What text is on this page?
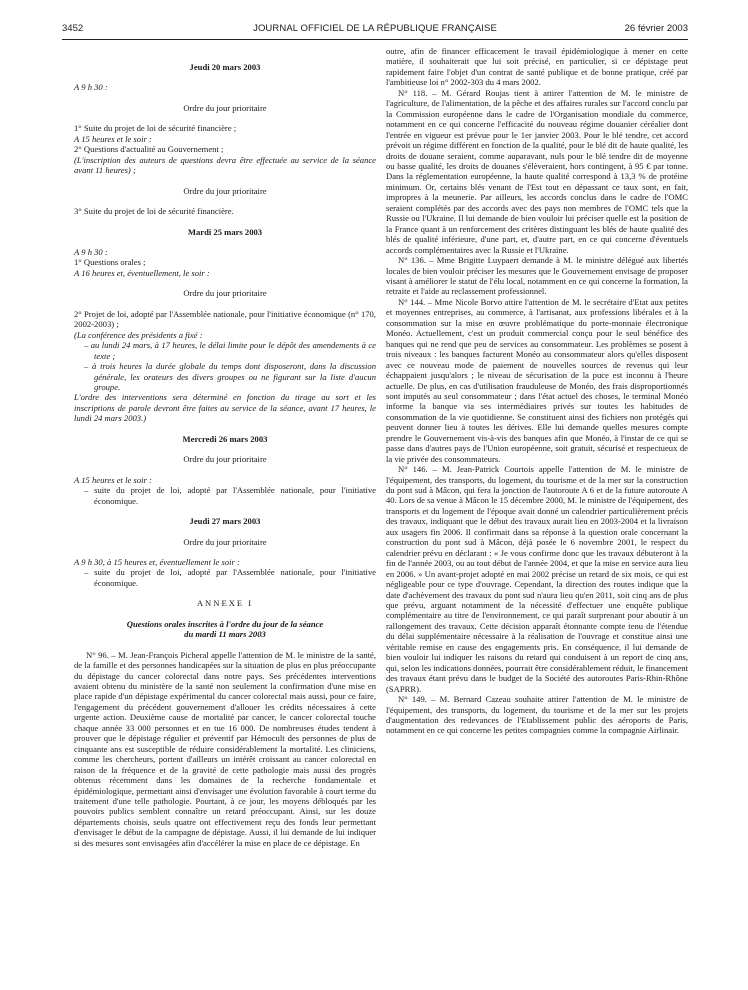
3452	JOURNAL OFFICIEL DE LA RÉPUBLIQUE FRANÇAISE	26 février 2003

Jeudi 20 mars 2003

A 9 h 30 :

Ordre du jour prioritaire

1° Suite du projet de loi de sécurité financière ;

A 15 heures et le soir :

2° Questions d'actualité au Gouvernement ;

(L'inscription des auteurs de questions devra être effectuée au service de la séance avant 11 heures) ;

Ordre du jour prioritaire

3° Suite du projet de loi de sécurité financière.

Mardi 25 mars 2003

A 9 h 30 :

1° Questions orales ;

A 16 heures et, éventuellement, le soir :

Ordre du jour prioritaire

2° Projet de loi, adopté par l'Assemblée nationale, pour l'initiative économique (n° 170, 2002-2003) ;

(La conférence des présidents a fixé :

– au lundi 24 mars, à 17 heures, le délai limite pour le dépôt des amendements à ce texte ;

– à trois heures la durée globale du temps dont disposeront, dans la discussion générale, les orateurs des divers groupes ou ne figurant sur la liste d'aucun groupe.

L'ordre des interventions sera déterminé en fonction du tirage au sort et les inscriptions de parole devront être faites au service de la séance, avant 17 heures, le lundi 24 mars 2003.)

Mercredi 26 mars 2003

Ordre du jour prioritaire

A 15 heures et le soir :

– suite du projet de loi, adopté par l'Assemblée nationale, pour l'initiative économique.

Jeudi 27 mars 2003

Ordre du jour prioritaire

A 9 h 30, à 15 heures et, éventuellement le soir :

– suite du projet de loi, adopté par l'Assemblée nationale, pour l'initiative économique.

ANNEXE I

Questions orales inscrites à l'ordre du jour de la séance du mardi 11 mars 2003

N° 96. – M. Jean-François Picheral appelle l'attention de M. le ministre de la santé, de la famille et des personnes handicapées sur la situation de plus en plus préoccupante du dépistage du cancer colorectal dans notre pays. Ses précédentes interventions avaient obtenu du ministère de la santé non seulement la confirmation d'une mise en place rapide d'un dépistage expérimental du cancer colorectal mais aussi, pour ce faire, l'engagement du précédent gouvernement d'allouer les crédits nécessaires à cette urgente action. Deuxième cause de mortalité par cancer, le cancer colorectal touche chaque année 33 000 personnes et en tue 16 000. De nombreuses études tendent à prouver que le dépistage régulier et préventif par Hémocult des personnes de plus de cinquante ans est susceptible de réduire considérablement la mortalité. Les cliniciens, comme les chercheurs, portent d'ailleurs un intérêt croissant au cancer colorectal en raison de la fréquence et de la gravité de cette pathologie mais aussi des progrès obtenus récemment dans les domaines de la recherche fondamentale et épidémiologique, permettant ainsi d'envisager une évolution favorable à court terme du traitement d'une telle pathologie. Pourtant, à ce jour, les moyens débloqués par les pouvoirs publics semblent connaître un retard préoccupant. Ainsi, sur les douze départements choisis, seuls quatre ont effectivement reçu des fonds leur permettant d'envisager le début de la campagne de dépistage. Aussi, il lui demande de lui indiquer si des mesures sont envisagées afin d'accélérer la mise en place de ce dépistage. En

outre, afin de financer efficacement le travail épidémiologique à mener en cette matière, il souhaiterait que lui soit précisé, en particulier, si ce dépistage peut rapidement faire l'objet d'un contrat de santé publique et de bonne pratique, créé par l'ambitieuse loi n° 2002-303 du 4 mars 2002.

N° 118. – M. Gérard Roujas tient à attirer l'attention de M. le ministre de l'agriculture, de l'alimentation, de la pêche et des affaires rurales sur l'accord conclu par la Commission européenne dans le cadre de l'Organisation mondiale du commerce, notamment en ce qui concerne l'efficacité du nouveau régime douanier céréalier dont l'entrée en vigueur est prévue pour le 1er janvier 2003. Pour le blé tendre, cet accord prévoit un régime différent en fonction de la qualité, pour le blé dit de haute qualité, les droits de douane seraient, comme auparavant, nuls pour le blé tendre dit de moyenne ou basse qualité, les droits de douanes s'élèveraient, hors contingent, à 95 € par tonne. Dans la réglementation européenne, la haute qualité correspond à 13,3 % de protéine minimum. Or, certains blés venant de l'Est tout en dépassant ce taux sont, en fait, impropres à la meunerie. Par ailleurs, les accords conclus dans le cadre de l'OMC seraient complétés par des accords avec des pays non membres de l'OMC tels que la Russie ou l'Ukraine. Il lui demande de bien vouloir lui préciser quelle est la position de la France quant à un renforcement des critères distinguant les blés de haute qualité des blés de qualité inférieure, d'une part, et, d'autre part, en ce qui concerne d'éventuels accords complémentaires avec la Russie et l'Ukraine.

N° 136. – Mme Brigitte Luypaert demande à M. le ministre délégué aux libertés locales de bien vouloir préciser les mesures que le Gouvernement envisage de proposer visant à améliorer le statut de l'élu local, notamment en ce qui concerne la formation, la retraite et l'aide au reclassement professionnel.

N° 144. – Mme Nicole Borvo attire l'attention de M. le secrétaire d'Etat aux petites et moyennes entreprises, au commerce, à l'artisanat, aux professions libérales et à la consommation sur la mise en œuvre problématique du porte-monnaie électronique Monéo. Actuellement, c'est un produit commercial conçu pour le seul bénéfice des banques qui ne rend que peu de services au consommateur. Les problèmes se posent à trois niveaux : les banques facturent Monéo au consommateur alors qu'elles disposent avec ce nouveau mode de paiement de nouvelles sources de revenus qui leur échappaient jusqu'alors ; le niveau de sécurisation de la puce est inconnu à l'heure actuelle. De plus, en cas d'utilisation frauduleuse de Monéo, des frais disproportionnés sont imputés au seul consommateur ; dans l'état actuel des choses, le terminal Monéo informe la banque via ses intermédiaires privés sur toutes les habitudes de consommation de la vie quotidienne. Se constituent ainsi des fichiers non protégés qui peuvent donner lieu à toutes les dérives. Elle lui demande quelles mesures compte prendre le Gouvernement vis-à-vis des banques afin que Monéo, à l'instar de ce qui se passe dans d'autres pays de l'Union européenne, soit gratuit, sécurisé et respectueux de la vie privée des consommateurs.

N° 146. – M. Jean-Patrick Courtois appelle l'attention de M. le ministre de l'équipement, des transports, du logement, du tourisme et de la mer sur la construction du pont sud à Mâcon, qui fera la jonction de l'autoroute A 6 et de la future autoroute A 40. Lors de sa venue à Mâcon le 15 décembre 2000, M. le ministre de l'équipement, des transports et du logement de l'époque avait donné un calendrier particulièrement précis des travaux, indiquant que le début des travaux aurait lieu en 2003-2004 et la livraison aux usagers fin 2006. Il confirmait dans sa réponse à la question orale concernant la construction du pont sud à Mâcon, déjà posée le 6 novembre 2001, le respect du calendrier prévu en déclarant : « Je vous confirme donc que les travaux débuteront à la fin de l'année 2003, ou au tout début de l'année 2004, et que la mise en service aura lieu en 2006. » Un avant-projet adopté en mai 2002 précise un retard de six mois, ce qui est négligeable pour ce type d'ouvrage. Cependant, la direction des routes indique que la date d'achèvement des travaux du pont sud n'aura lieu qu'en 2011, soit cinq ans de plus que prévu, arguant notamment de la nécessité d'effectuer une enquête publique complémentaire au titre de l'environnement, ce qui paraît surprenant pour aboutir à un rallongement des travaux. Cette décision apparaît étonnante compte tenu de l'étendue du délai supplémentaire nécessaire à la réalisation de l'ouvrage et constitue ainsi une véritable remise en cause des engagements pris. En conséquence, il lui demande de bien vouloir lui indiquer les raisons du retard qui conduisent à un report de cinq ans, qui, selon les indications données, pourrait être considérablement réduit, le financement des travaux étant prévu dans le budget de la Société des autoroutes Paris-Rhin-Rhône (SAPRR).

N° 149. – M. Bernard Cazeau souhaite attirer l'attention de M. le ministre de l'équipement, des transports, du logement, du tourisme et de la mer sur les projets d'augmentation des redevances de l'Etablissement public des aéroports de Paris, notamment en ce qui concerne les petites compagnies comme la compagnie Airlinair.
